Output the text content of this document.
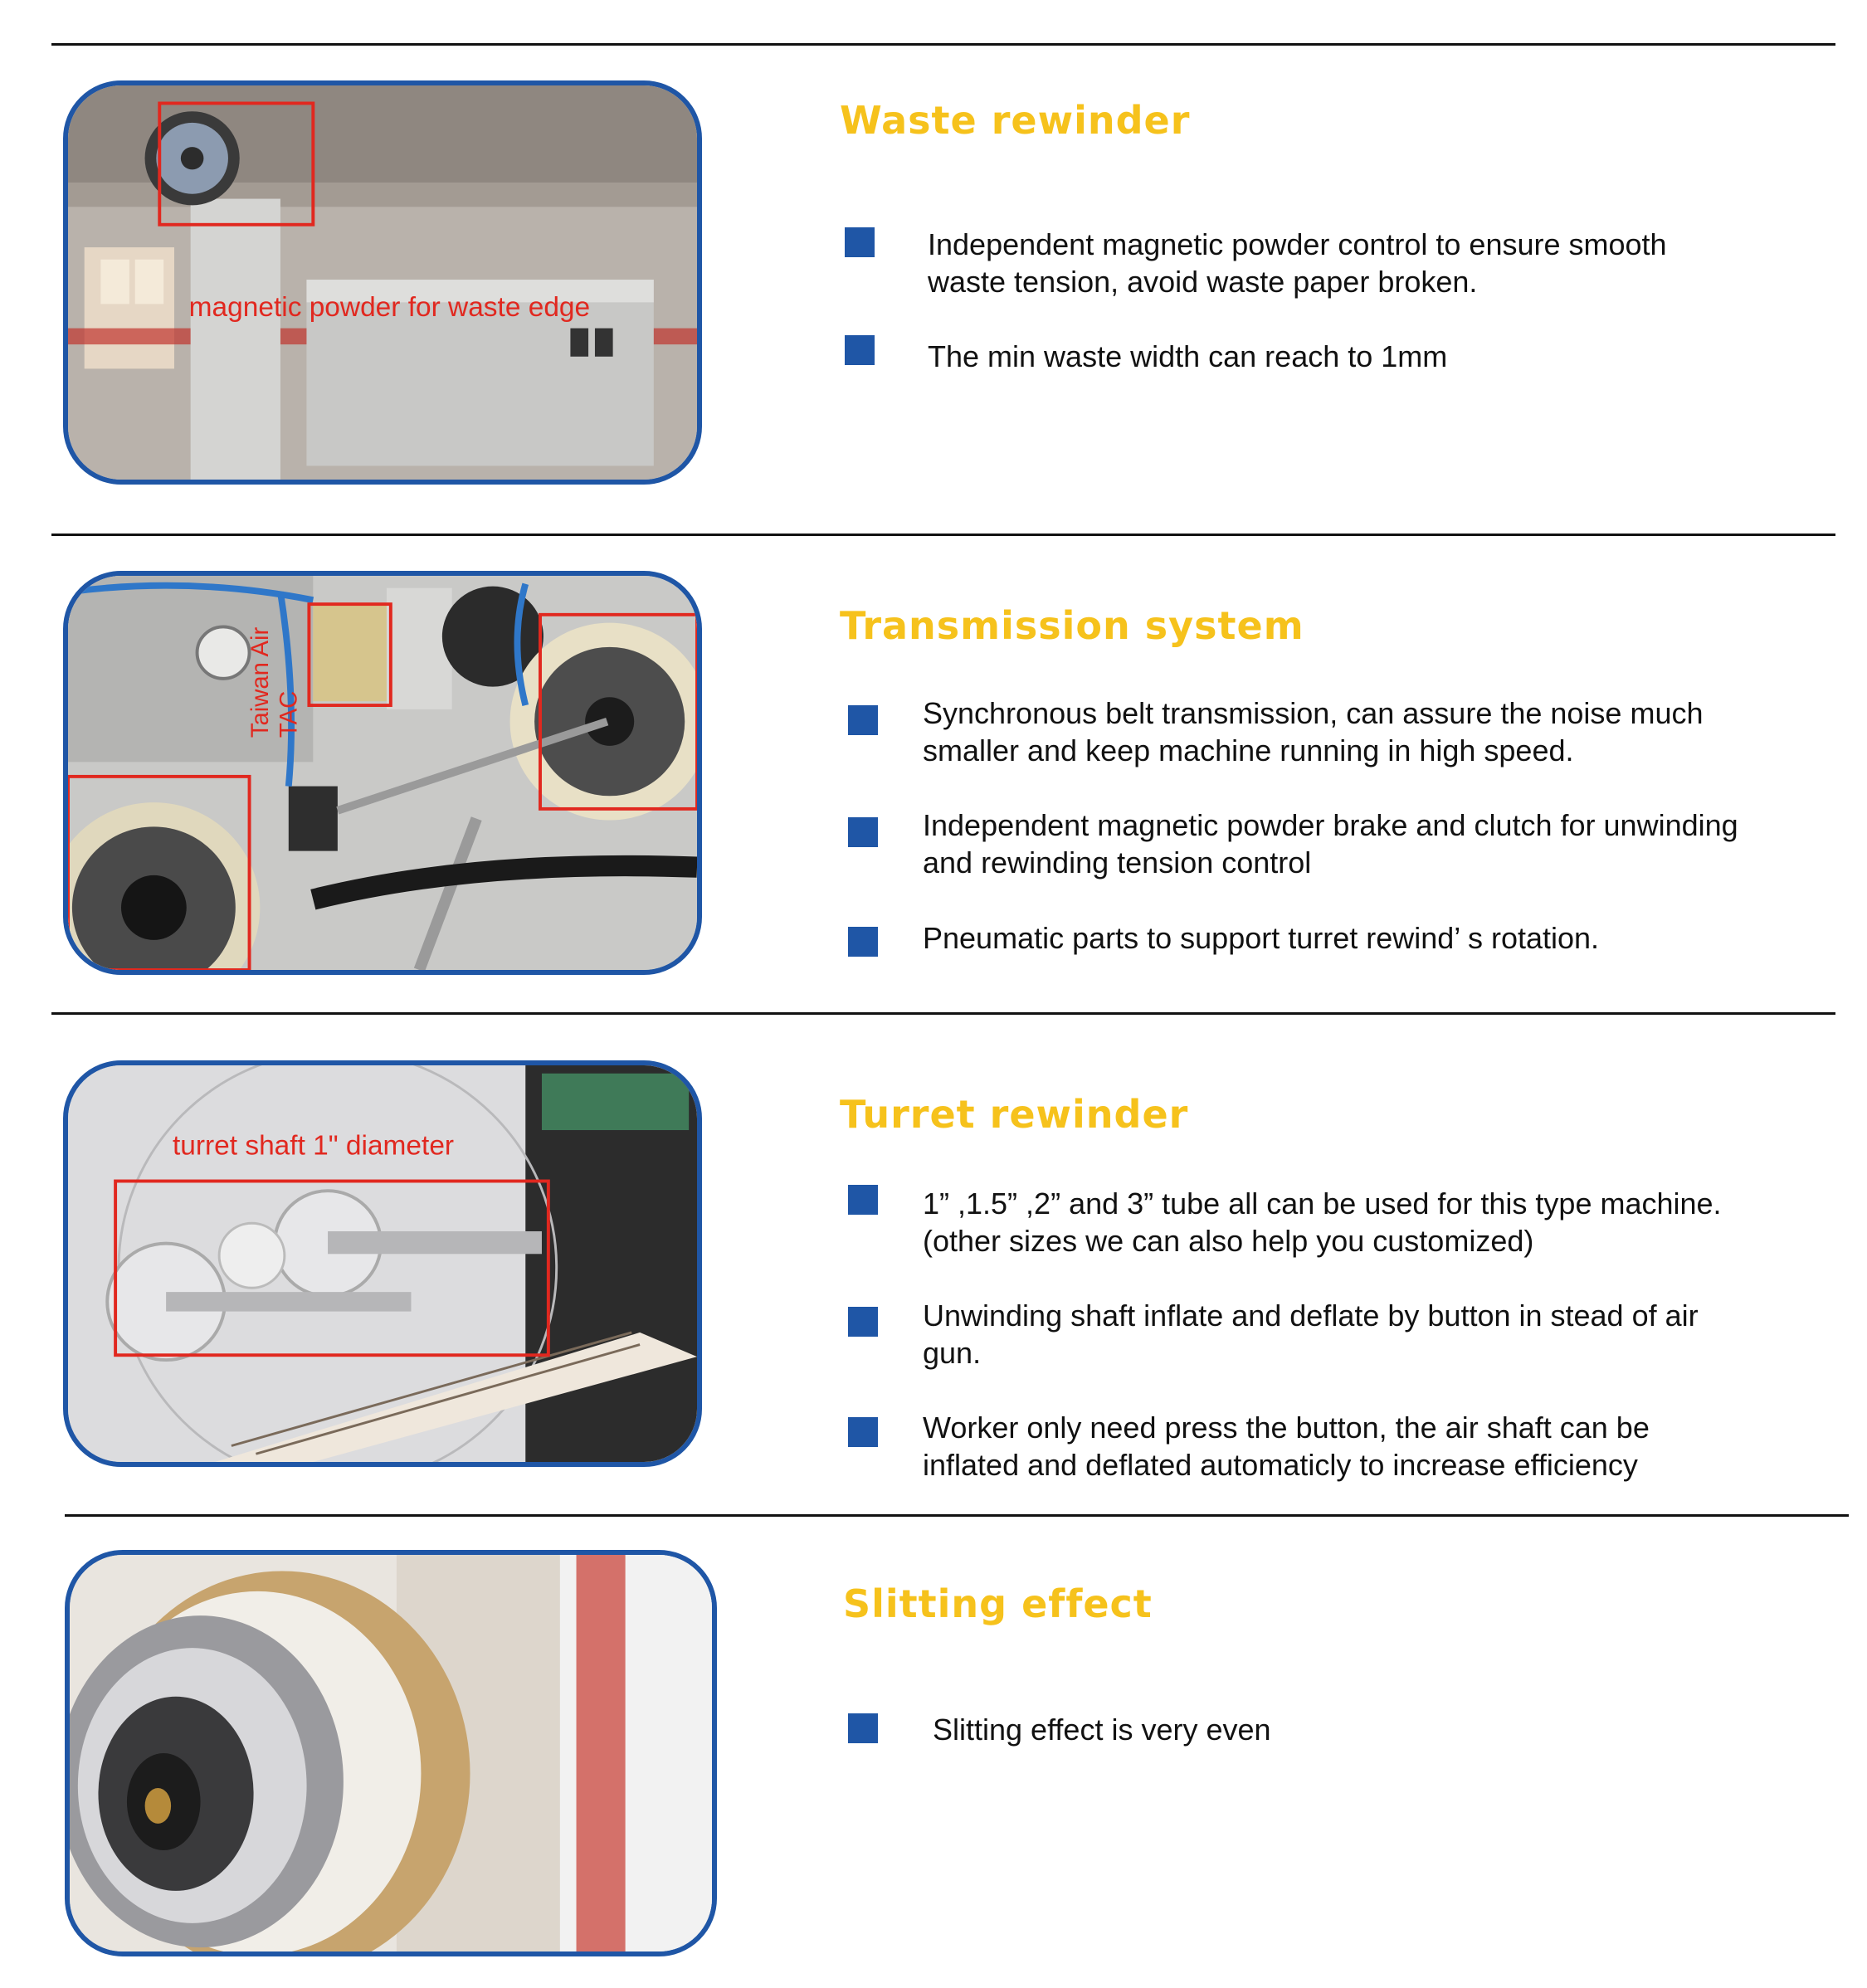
magnetic powder for waste edge
Waste rewinder
Independent magnetic powder control to ensure smooth waste tension, avoid waste paper broken.
The min waste width can reach to 1mm
Taiwan Air TAC
Transmission system
Synchronous belt transmission, can assure the noise much smaller and keep machine running in high speed.
Independent magnetic powder brake and clutch for unwinding and rewinding tension control
Pneumatic parts to support turret rewind’ s rotation.
turret shaft 1" diameter
Turret rewinder
1” ,1.5” ,2” and 3” tube all can be used for this type machine. (other sizes we can also help you customized)
Unwinding shaft inflate and deflate by button in stead of air gun.
Worker only need press the button, the air shaft can be inflated and deflated automaticly to increase efficiency
Slitting effect
Slitting effect is very even
